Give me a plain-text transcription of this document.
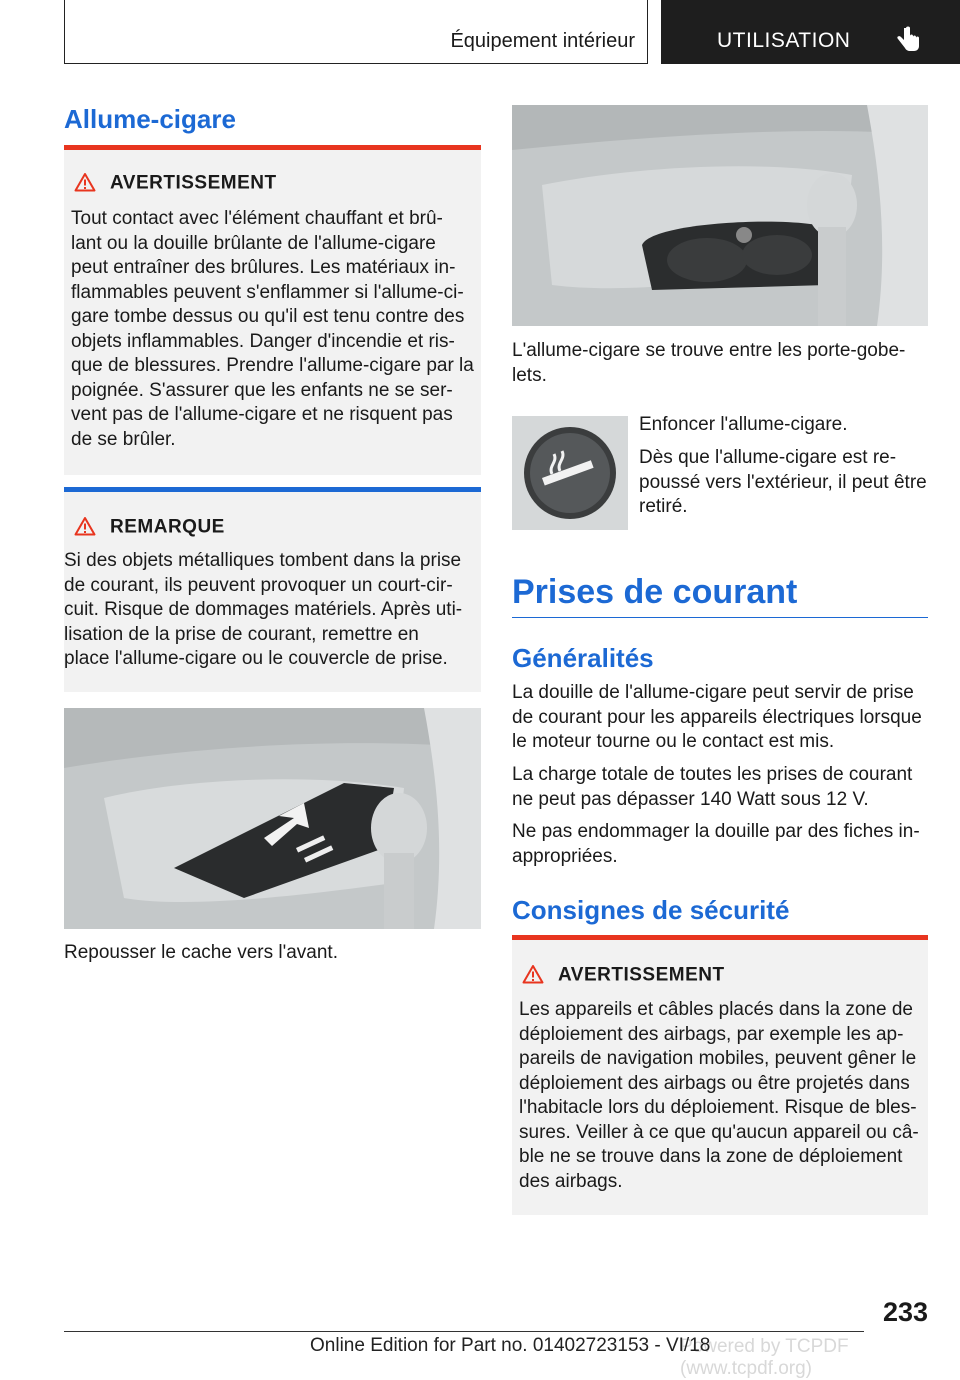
Équipement intérieur	UTILISATION
Allume-cigare
AVERTISSEMENT

Tout contact avec l'élément chauffant et brû-

lant ou la douille brûlante de l'allume-cigare

peut entraîner des brûlures. Les matériaux in-

flammables peuvent s'enflammer si l'allume-ci-

gare tombe dessus ou qu'il est tenu contre des

objets inflammables. Danger d'incendie et ris-

que de blessures. Prendre l'allume-cigare par la

poignée. S'assurer que les enfants ne se ser-

vent pas de l'allume-cigare et ne risquent pas

de se brûler.

REMARQUE

Si des objets métalliques tombent dans la prise

de courant, ils peuvent provoquer un court-cir-

cuit. Risque de dommages matériels. Après uti-

lisation de la prise de courant, remettre en

place l'allume-cigare ou le couvercle de prise.

Repousser le cache vers l'avant.

L'allume-cigare se trouve entre les porte-gobe-

lets.

Enfoncer l'allume-cigare.

Dès que l'allume-cigare est re-

poussé vers l'extérieur, il peut être

retiré.

Prises de courant
Généralités

La douille de l'allume-cigare peut servir de prise

de courant pour les appareils électriques lorsque

le moteur tourne ou le contact est mis.

La charge totale de toutes les prises de courant

ne peut pas dépasser 140 Watt sous 12 V.

Ne pas endommager la douille par des fiches in-

appropriées.

Consignes de sécurité
AVERTISSEMENT

Les appareils et câbles placés dans la zone de

déploiement des airbags, par exemple les ap-

pareils de navigation mobiles, peuvent gêner le

déploiement des airbags ou être projetés dans

l'habitacle lors du déploiement. Risque de bles-

sures. Veiller à ce que qu'aucun appareil ou câ-

ble ne se trouve dans la zone de déploiement

des airbags.

233
Online Edition for Part no. 01402723153 - VI/18
Powered by TCPDF (www.tcpdf.org)
